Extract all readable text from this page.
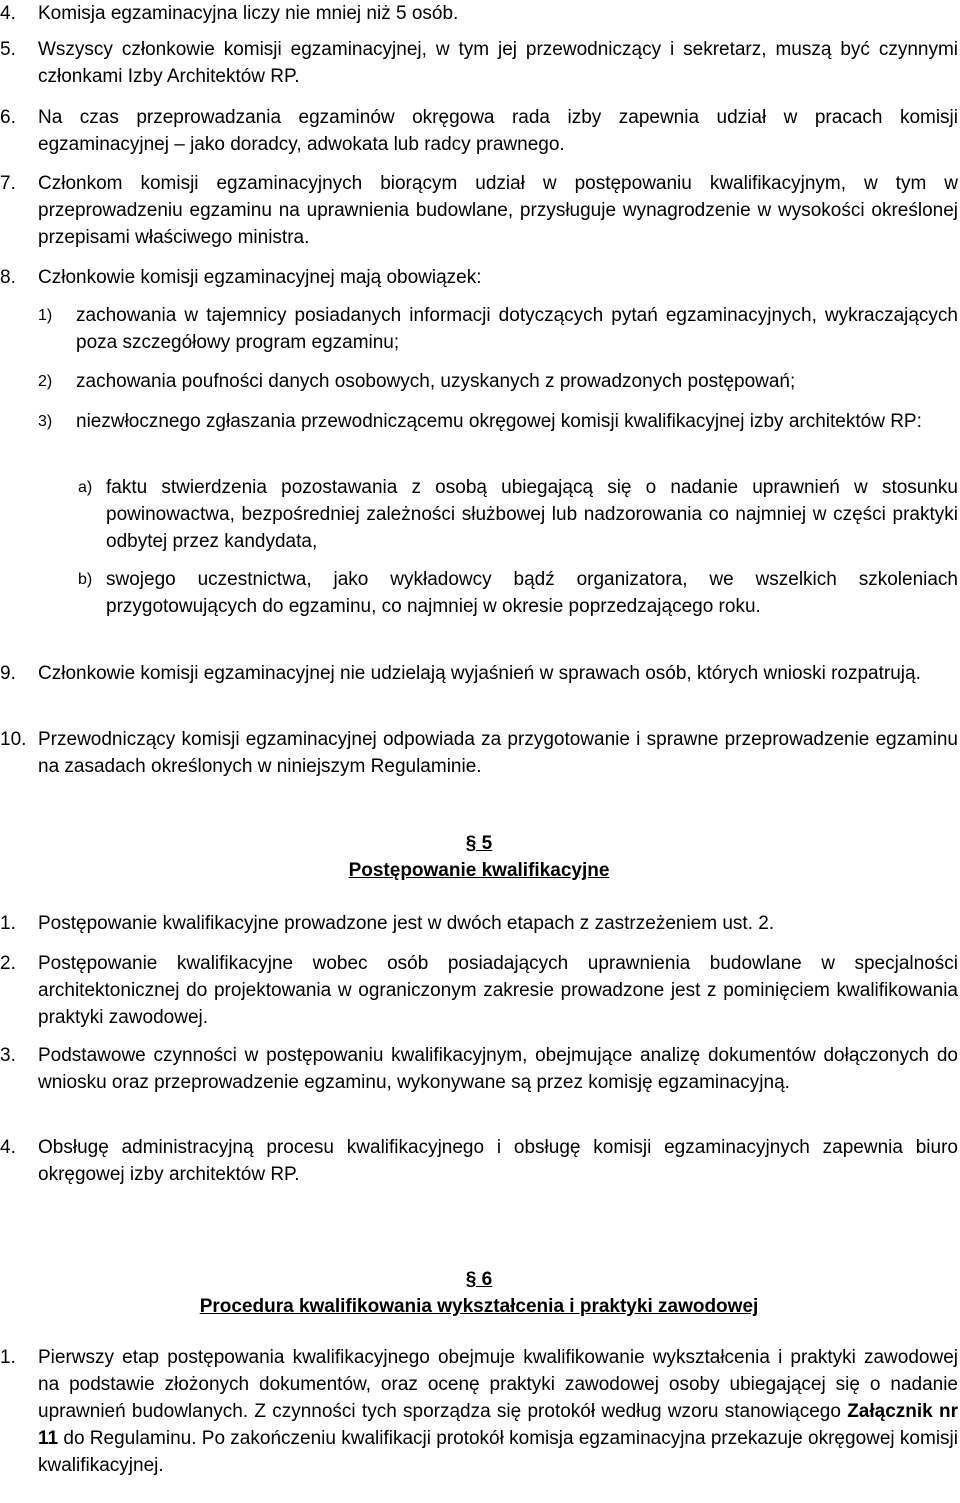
4. Komisja egzaminacyjna liczy nie mniej niż 5 osób.
5. Wszyscy członkowie komisji egzaminacyjnej, w tym jej przewodniczący i sekretarz, muszą być czynnymi członkami Izby Architektów RP.
6. Na czas przeprowadzania egzaminów okręgowa rada izby zapewnia udział w pracach komisji egzaminacyjnej – jako doradcy, adwokata lub radcy prawnego.
7. Członkom komisji egzaminacyjnych biorącym udział w postępowaniu kwalifikacyjnym, w tym w przeprowadzeniu egzaminu na uprawnienia budowlane, przysługuje wynagrodzenie w wysokości określonej przepisami właściwego ministra.
8. Członkowie komisji egzaminacyjnej mają obowiązek:
1) zachowania w tajemnicy posiadanych informacji dotyczących pytań egzaminacyjnych, wykraczających poza szczegółowy program egzaminu;
2) zachowania poufności danych osobowych, uzyskanych z prowadzonych postępowań;
3) niezwłocznego zgłaszania przewodniczącemu okręgowej komisji kwalifikacyjnej izby architektów RP:
a) faktu stwierdzenia pozostawania z osobą ubiegającą się o nadanie uprawnień w stosunku powinowactwa, bezpośredniej zależności służbowej lub nadzorowania co najmniej w części praktyki odbytej przez kandydata,
b) swojego uczestnictwa, jako wykładowcy bądź organizatora, we wszelkich szkoleniach przygotowujących do egzaminu, co najmniej w okresie poprzedzającego roku.
9. Członkowie komisji egzaminacyjnej nie udzielają wyjaśnień w sprawach osób, których wnioski rozpatrują.
10. Przewodniczący komisji egzaminacyjnej odpowiada za przygotowanie i sprawne przeprowadzenie egzaminu na zasadach określonych w niniejszym Regulaminie.
§ 5
Postępowanie kwalifikacyjne
1. Postępowanie kwalifikacyjne prowadzone jest w dwóch etapach z zastrzeżeniem ust. 2.
2. Postępowanie kwalifikacyjne wobec osób posiadających uprawnienia budowlane w specjalności architektonicznej do projektowania w ograniczonym zakresie prowadzone jest z pominięciem kwalifikowania praktyki zawodowej.
3. Podstawowe czynności w postępowaniu kwalifikacyjnym, obejmujące analizę dokumentów dołączonych do wniosku oraz przeprowadzenie egzaminu, wykonywane są przez komisję egzaminacyjną.
4. Obsługę administracyjną procesu kwalifikacyjnego i obsługę komisji egzaminacyjnych zapewnia biuro okręgowej izby architektów RP.
§ 6
Procedura kwalifikowania wykształcenia i praktyki zawodowej
1. Pierwszy etap postępowania kwalifikacyjnego obejmuje kwalifikowanie wykształcenia i praktyki zawodowej na podstawie złożonych dokumentów, oraz ocenę praktyki zawodowej osoby ubiegającej się o nadanie uprawnień budowlanych. Z czynności tych sporządza się protokół według wzoru stanowiącego Załącznik nr 11 do Regulaminu. Po zakończeniu kwalifikacji protokół komisja egzaminacyjna przekazuje okręgowej komisji kwalifikacyjnej.
